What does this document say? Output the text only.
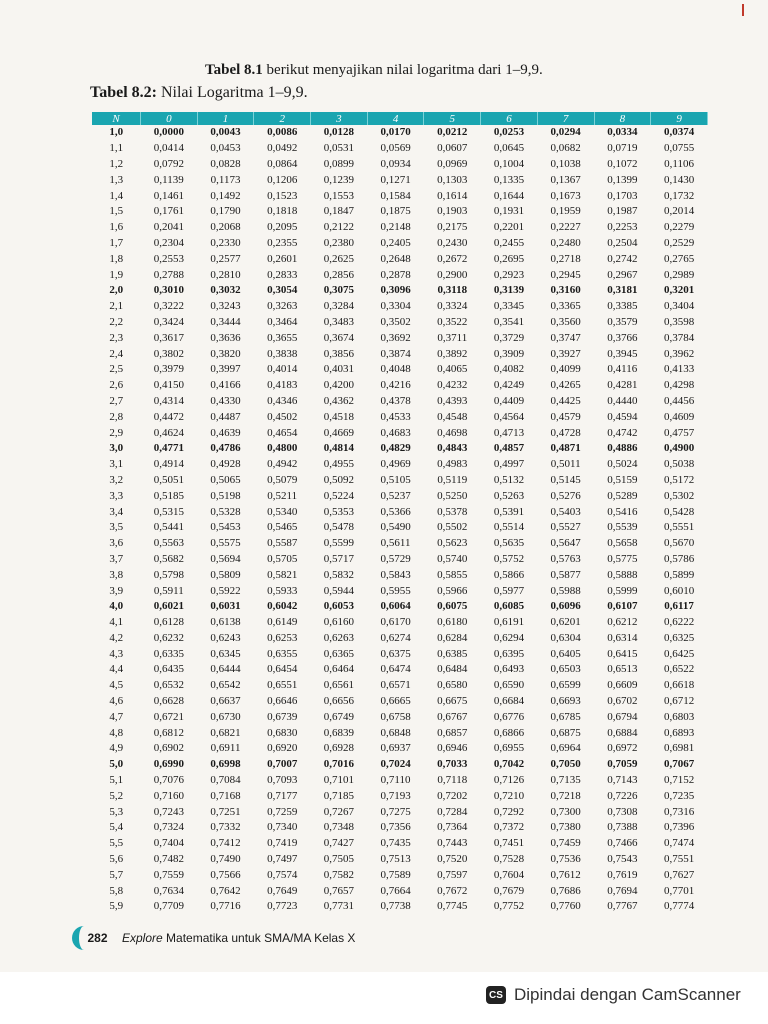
Tabel 8.1 berikut menyajikan nilai logaritma dari 1–9,9.
Tabel 8.2: Nilai Logaritma 1–9,9.
N	0	1	2	3	4	5	6	7	8	9
1,0	0,0000	0,0043	0,0086	0,0128	0,0170	0,0212	0,0253	0,0294	0,0334	0,0374
1,1	0,0414	0,0453	0,0492	0,0531	0,0569	0,0607	0,0645	0,0682	0,0719	0,0755
1,2	0,0792	0,0828	0,0864	0,0899	0,0934	0,0969	0,1004	0,1038	0,1072	0,1106
1,3	0,1139	0,1173	0,1206	0,1239	0,1271	0,1303	0,1335	0,1367	0,1399	0,1430
1,4	0,1461	0,1492	0,1523	0,1553	0,1584	0,1614	0,1644	0,1673	0,1703	0,1732
1,5	0,1761	0,1790	0,1818	0,1847	0,1875	0,1903	0,1931	0,1959	0,1987	0,2014
1,6	0,2041	0,2068	0,2095	0,2122	0,2148	0,2175	0,2201	0,2227	0,2253	0,2279
1,7	0,2304	0,2330	0,2355	0,2380	0,2405	0,2430	0,2455	0,2480	0,2504	0,2529
1,8	0,2553	0,2577	0,2601	0,2625	0,2648	0,2672	0,2695	0,2718	0,2742	0,2765
1,9	0,2788	0,2810	0,2833	0,2856	0,2878	0,2900	0,2923	0,2945	0,2967	0,2989
2,0	0,3010	0,3032	0,3054	0,3075	0,3096	0,3118	0,3139	0,3160	0,3181	0,3201
2,1	0,3222	0,3243	0,3263	0,3284	0,3304	0,3324	0,3345	0,3365	0,3385	0,3404
2,2	0,3424	0,3444	0,3464	0,3483	0,3502	0,3522	0,3541	0,3560	0,3579	0,3598
2,3	0,3617	0,3636	0,3655	0,3674	0,3692	0,3711	0,3729	0,3747	0,3766	0,3784
2,4	0,3802	0,3820	0,3838	0,3856	0,3874	0,3892	0,3909	0,3927	0,3945	0,3962
2,5	0,3979	0,3997	0,4014	0,4031	0,4048	0,4065	0,4082	0,4099	0,4116	0,4133
2,6	0,4150	0,4166	0,4183	0,4200	0,4216	0,4232	0,4249	0,4265	0,4281	0,4298
2,7	0,4314	0,4330	0,4346	0,4362	0,4378	0,4393	0,4409	0,4425	0,4440	0,4456
2,8	0,4472	0,4487	0,4502	0,4518	0,4533	0,4548	0,4564	0,4579	0,4594	0,4609
2,9	0,4624	0,4639	0,4654	0,4669	0,4683	0,4698	0,4713	0,4728	0,4742	0,4757
3,0	0,4771	0,4786	0,4800	0,4814	0,4829	0,4843	0,4857	0,4871	0,4886	0,4900
3,1	0,4914	0,4928	0,4942	0,4955	0,4969	0,4983	0,4997	0,5011	0,5024	0,5038
3,2	0,5051	0,5065	0,5079	0,5092	0,5105	0,5119	0,5132	0,5145	0,5159	0,5172
3,3	0,5185	0,5198	0,5211	0,5224	0,5237	0,5250	0,5263	0,5276	0,5289	0,5302
3,4	0,5315	0,5328	0,5340	0,5353	0,5366	0,5378	0,5391	0,5403	0,5416	0,5428
3,5	0,5441	0,5453	0,5465	0,5478	0,5490	0,5502	0,5514	0,5527	0,5539	0,5551
3,6	0,5563	0,5575	0,5587	0,5599	0,5611	0,5623	0,5635	0,5647	0,5658	0,5670
3,7	0,5682	0,5694	0,5705	0,5717	0,5729	0,5740	0,5752	0,5763	0,5775	0,5786
3,8	0,5798	0,5809	0,5821	0,5832	0,5843	0,5855	0,5866	0,5877	0,5888	0,5899
3,9	0,5911	0,5922	0,5933	0,5944	0,5955	0,5966	0,5977	0,5988	0,5999	0,6010
4,0	0,6021	0,6031	0,6042	0,6053	0,6064	0,6075	0,6085	0,6096	0,6107	0,6117
4,1	0,6128	0,6138	0,6149	0,6160	0,6170	0,6180	0,6191	0,6201	0,6212	0,6222
4,2	0,6232	0,6243	0,6253	0,6263	0,6274	0,6284	0,6294	0,6304	0,6314	0,6325
4,3	0,6335	0,6345	0,6355	0,6365	0,6375	0,6385	0,6395	0,6405	0,6415	0,6425
4,4	0,6435	0,6444	0,6454	0,6464	0,6474	0,6484	0,6493	0,6503	0,6513	0,6522
4,5	0,6532	0,6542	0,6551	0,6561	0,6571	0,6580	0,6590	0,6599	0,6609	0,6618
4,6	0,6628	0,6637	0,6646	0,6656	0,6665	0,6675	0,6684	0,6693	0,6702	0,6712
4,7	0,6721	0,6730	0,6739	0,6749	0,6758	0,6767	0,6776	0,6785	0,6794	0,6803
4,8	0,6812	0,6821	0,6830	0,6839	0,6848	0,6857	0,6866	0,6875	0,6884	0,6893
4,9	0,6902	0,6911	0,6920	0,6928	0,6937	0,6946	0,6955	0,6964	0,6972	0,6981
5,0	0,6990	0,6998	0,7007	0,7016	0,7024	0,7033	0,7042	0,7050	0,7059	0,7067
5,1	0,7076	0,7084	0,7093	0,7101	0,7110	0,7118	0,7126	0,7135	0,7143	0,7152
5,2	0,7160	0,7168	0,7177	0,7185	0,7193	0,7202	0,7210	0,7218	0,7226	0,7235
5,3	0,7243	0,7251	0,7259	0,7267	0,7275	0,7284	0,7292	0,7300	0,7308	0,7316
5,4	0,7324	0,7332	0,7340	0,7348	0,7356	0,7364	0,7372	0,7380	0,7388	0,7396
5,5	0,7404	0,7412	0,7419	0,7427	0,7435	0,7443	0,7451	0,7459	0,7466	0,7474
5,6	0,7482	0,7490	0,7497	0,7505	0,7513	0,7520	0,7528	0,7536	0,7543	0,7551
5,7	0,7559	0,7566	0,7574	0,7582	0,7589	0,7597	0,7604	0,7612	0,7619	0,7627
5,8	0,7634	0,7642	0,7649	0,7657	0,7664	0,7672	0,7679	0,7686	0,7694	0,7701
5,9	0,7709	0,7716	0,7723	0,7731	0,7738	0,7745	0,7752	0,7760	0,7767	0,7774
282	Explore Matematika untuk SMA/MA Kelas X
CS Dipindai dengan CamScanner
